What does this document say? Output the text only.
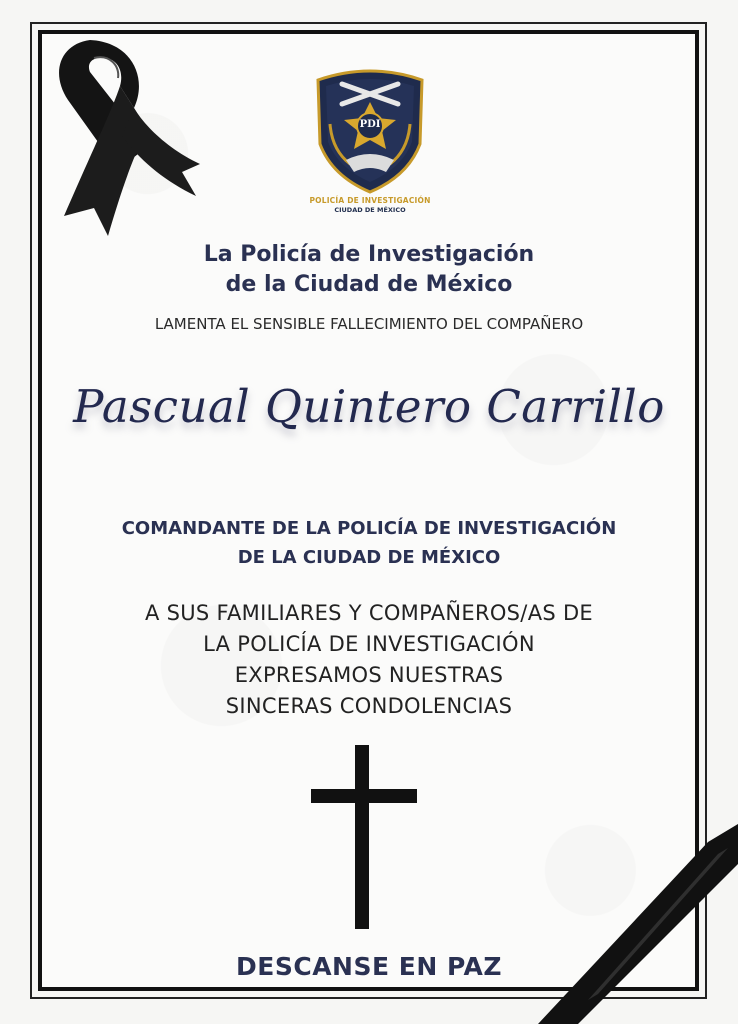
PDI
POLICÍA DE INVESTIGACIÓN
CIUDAD DE MÉXICO
La Policía de Investigación
de la Ciudad de México
LAMENTA EL SENSIBLE FALLECIMIENTO DEL COMPAÑERO
Pascual Quintero Carrillo
COMANDANTE DE LA POLICÍA DE INVESTIGACIÓN
DE LA CIUDAD DE MÉXICO
A SUS FAMILIARES Y COMPAÑEROS/AS DE
LA POLICÍA DE INVESTIGACIÓN
EXPRESAMOS NUESTRAS
SINCERAS CONDOLENCIAS
DESCANSE EN PAZ
